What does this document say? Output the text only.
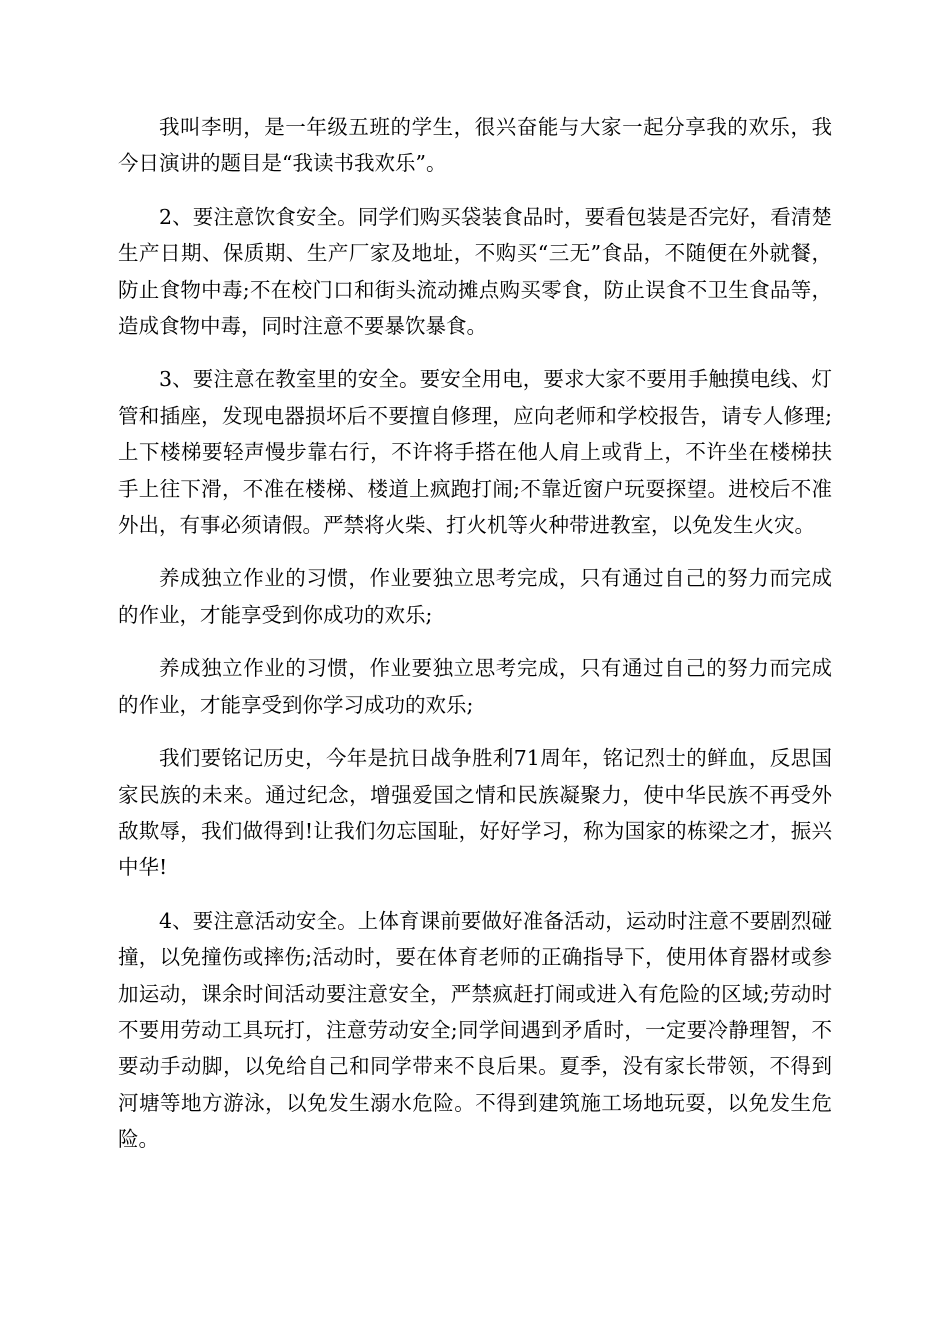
我叫李明，是一年级五班的学生，很兴奋能与大家一起分享我的欢乐，我今日演讲的题目是“我读书我欢乐”。

2、要注意饮食安全。同学们购买袋装食品时，要看包装是否完好，看清楚生产日期、保质期、生产厂家及地址，不购买“三无”食品，不随便在外就餐，防止食物中毒;不在校门口和街头流动摊点购买零食，防止误食不卫生食品等，造成食物中毒，同时注意不要暴饮暴食。

3、要注意在教室里的安全。要安全用电，要求大家不要用手触摸电线、灯管和插座，发现电器损坏后不要擅自修理，应向老师和学校报告，请专人修理;上下楼梯要轻声慢步靠右行，不许将手搭在他人肩上或背上，不许坐在楼梯扶手上往下滑，不准在楼梯、楼道上疯跑打闹;不靠近窗户玩耍探望。进校后不准外出，有事必须请假。严禁将火柴、打火机等火种带进教室，以免发生火灾。

养成独立作业的习惯，作业要独立思考完成，只有通过自己的努力而完成的作业，才能享受到你成功的欢乐;

养成独立作业的习惯，作业要独立思考完成，只有通过自己的努力而完成的作业，才能享受到你学习成功的欢乐;

我们要铭记历史，今年是抗日战争胜利71周年，铭记烈士的鲜血，反思国家民族的未来。通过纪念，增强爱国之情和民族凝聚力，使中华民族不再受外敌欺辱，我们做得到!让我们勿忘国耻，好好学习，称为国家的栋梁之才，振兴中华!

4、要注意活动安全。上体育课前要做好准备活动，运动时注意不要剧烈碰撞，以免撞伤或摔伤;活动时，要在体育老师的正确指导下，使用体育器材或参加运动，课余时间活动要注意安全，严禁疯赶打闹或进入有危险的区域;劳动时不要用劳动工具玩打，注意劳动安全;同学间遇到矛盾时，一定要冷静理智，不要动手动脚，以免给自己和同学带来不良后果。夏季，没有家长带领，不得到河塘等地方游泳，以免发生溺水危险。不得到建筑施工场地玩耍，以免发生危险。
